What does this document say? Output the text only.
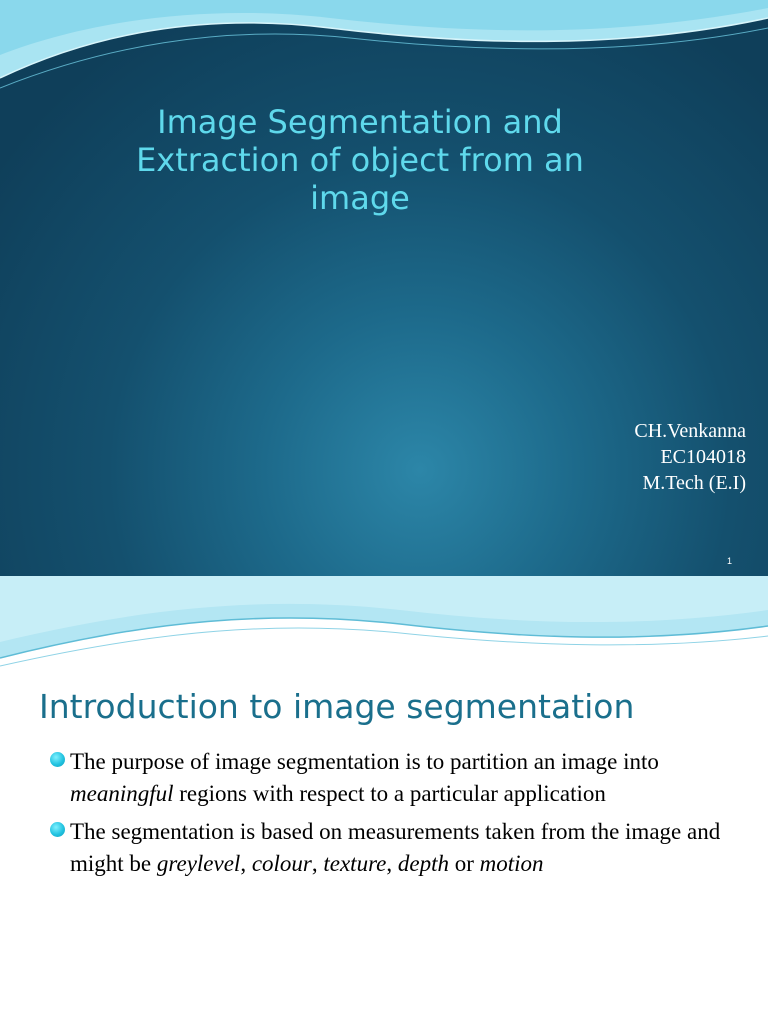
Image Segmentation and
Extraction of object from an
image
CH.Venkanna
EC104018
M.Tech (E.I)
1
Introduction to image segmentation
The purpose of image segmentation is to partition an image into meaningful regions with respect to a particular application
The segmentation is based on measurements taken from the image and might be greylevel, colour, texture, depth or motion
